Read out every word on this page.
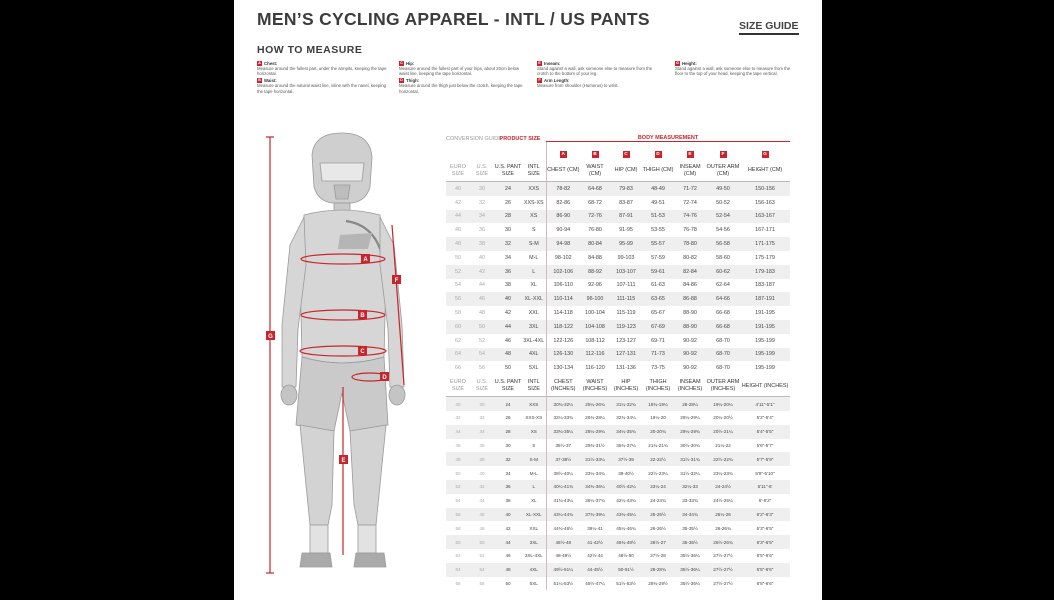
MEN’S CYCLING APPAREL - INTL / US PANTS	SIZE GUIDE
HOW TO MEASURE
A Chest:
Measure around the fullest part, under the armpits, keeping the tape horizontal.
B Waist:
Measure around the natural waist line, inline with the navel, keeping the tape horizontal.
C Hip:
Measure around the fullest part of your hips, about 20cm below waist line, keeping the tape horizontal.
D Thigh:
Measure around the thigh just below the crotch, keeping the tape horizontal.
E Inseam:
Stand against a wall, ask someone else to measure from the crotch to the bottom of your leg.
F Arm Length:
Measure from shoulder (Humerus) to wrist.
G Height:
Stand against a wall, ask someone else to measure from the floor to the top of your head, keeping the tape vertical.
A
B
C
D
E
F
G
CONVERSION GUIDE		PRODUCT SIZE		BODY MEASUREMENT						
				A	B	C	D	E	F	G
EURO SIZE	U.S. SIZE	U.S. PANT SIZE	INTL SIZE	CHEST (CM)	WAIST (CM)	HIP (CM)	THIGH (CM)	INSEAM (CM)	OUTER ARM (CM)	HEIGHT (CM)
40	30	24	XXS	78-82	64-68	79-83	48-49	71-72	49-50	150-156
42	32	26	XXS-XS	82-86	68-72	83-87	49-51	72-74	50-52	156-163
44	34	28	XS	86-90	72-76	87-91	51-53	74-76	52-54	163-167
46	36	30	S	90-94	76-80	91-95	53-55	76-78	54-56	167-171
48	38	32	S-M	94-98	80-84	95-99	55-57	78-80	56-58	171-175
50	40	34	M-L	98-102	84-88	99-103	57-59	80-82	58-60	175-179
52	42	36	L	102-106	88-92	103-107	59-61	82-84	60-62	179-183
54	44	38	XL	106-110	92-96	107-111	61-63	84-86	62-64	183-187
56	46	40	XL-XXL	110-114	96-100	111-115	63-65	86-88	64-66	187-191
58	48	42	XXL	114-118	100-104	115-119	65-67	88-90	66-68	191-195
60	50	44	3XL	118-122	104-108	119-123	67-69	88-90	66-68	191-195
62	52	46	3XL-4XL	122-126	108-112	123-127	69-71	90-92	68-70	195-199
64	54	48	4XL	126-130	112-116	127-131	71-73	90-92	68-70	195-199
66	56	50	5XL	130-134	116-120	131-136	73-75	90-92	68-70	195-199
EURO SIZE	U.S. SIZE	U.S. PANT SIZE	INTL SIZE	CHEST (INCHES)	WAIST (INCHES)	HIP (INCHES)	THIGH (INCHES)	INSEAM (INCHES)	OUTER ARM (INCHES)	HEIGHT (INCHES)
40	30	24	XXS	30¾-32¼	25¼-26¾	31¼-32¾	18¾-19¼	28-28¼	19¼-20¼	4'11"-5'1"
42	32	26	XXS-XS	32¼-33¾	26¾-28¼	32¾-34¼	19¼-20	28¼-29¼	20¼-20½	5'2"-5'4"
44	34	28	XS	33¾-35¼	28¼-29¾	34¼-35¾	20-20¾	29¼-29¾	20½-21¼	5'4"-5'5"
46	36	30	S	35½-37	29¾-31½	35¾-37¼	21¾-21¾	30½-30¾	21¼-22	5'6"-5'7"
48	38	32	S-M	37-38½	31½-33¼	37½-39	22-22½	31½-31¾	22½-22¾	5'7"-5'9"
50	40	34	M-L	38½-40¼	33¼-34¾	39-40½	22½-23¼	31½-32¼	23¼-23¾	5'9"-5'10"
52	42	36	L	40¼-41¾	34¾-36¼	40½-42¼	23¼-24	32¼-33	24-24½	5'11"-6'
54	44	38	XL	41¾-43¼	36¼-37¾	42¼-43¾	24-24¾	33-33¾	24½-25¼	6'-6'2"
56	46	40	XL-XXL	43¼-44¾	37¾-39¼	43¾-45¼	25-25½	34-34¾	25¼-26	6'2"-6'3"
58	48	42	XXL	44¾-46½	39¼-41	45¼-46¾	26-26½	35-35½	26-26¾	6'3"-6'5"
60	50	44	3XL	46½-48	41-42½	46¾-48½	26½-27	35-35½	26½-26¾	6'3"-6'5"
62	52	46	3XL-4XL	48-49½	42½-44	48½-50	27½-28	35½-36¼	27½-27½	6'5"-6'6"
64	54	48	4XL	49½-51¼	44-45½	50-51½	28-28¾	35½-36¼	27½-27½	6'5"-6'6"
66	56	50	5XL	51¼-53½	45½-47¼	51½-53½	28¾-29½	35½-36¼	27½-27½	6'5"-6'6"
